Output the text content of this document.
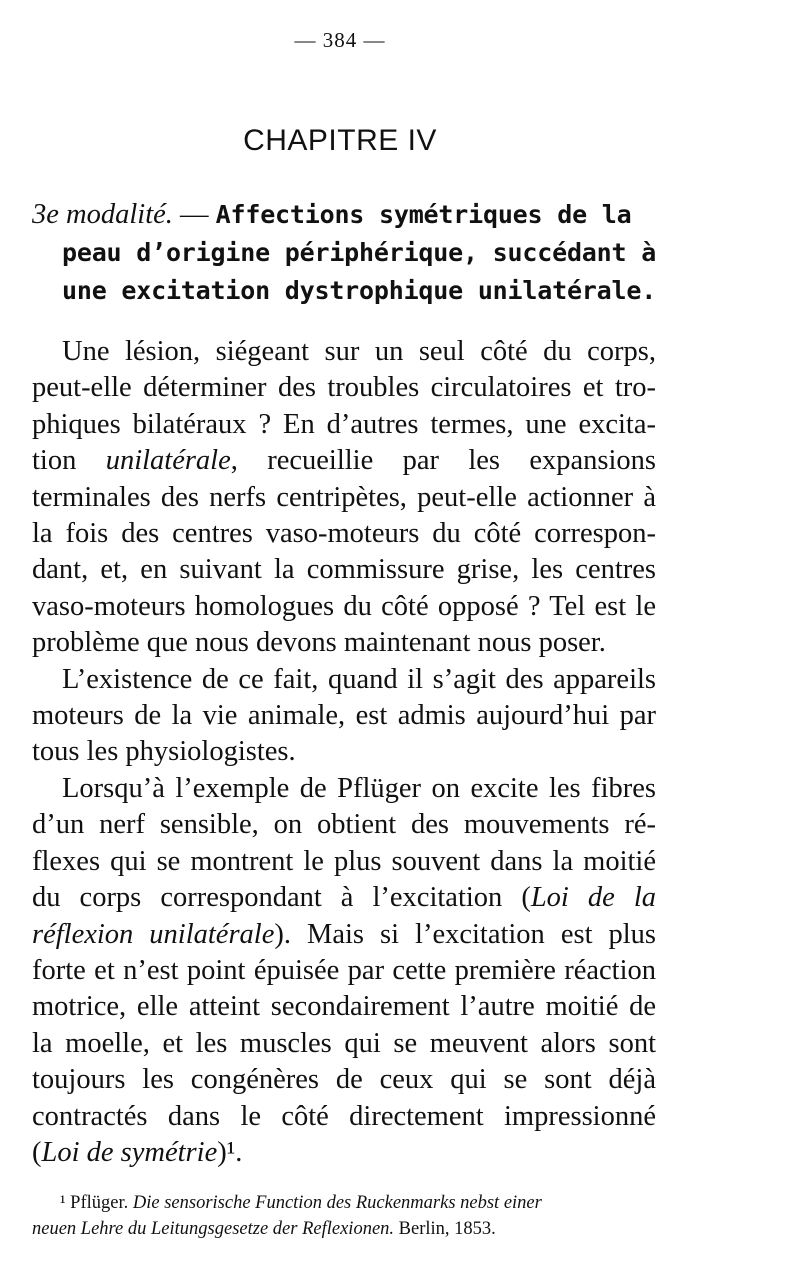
— 384 —
CHAPITRE IV
3e modalité. — Affections symétriques de la
peau d’origine périphérique, succédant à
une excitation dystrophique unilatérale.
Une lésion, siégeant sur un seul côté du corps,
peut-elle déterminer des troubles circulatoires et tro-
phiques bilatéraux ? En d’autres termes, une excita-
tion unilatérale, recueillie par les expansions
terminales des nerfs centripètes, peut-elle actionner à
la fois des centres vaso-moteurs du côté correspon-
dant, et, en suivant la commissure grise, les centres
vaso-moteurs homologues du côté opposé ? Tel est le
problème que nous devons maintenant nous poser.
L’existence de ce fait, quand il s’agit des appareils
moteurs de la vie animale, est admis aujourd’hui par
tous les physiologistes.
Lorsqu’à l’exemple de Pflüger on excite les fibres
d’un nerf sensible, on obtient des mouvements ré-
flexes qui se montrent le plus souvent dans la moitié
du corps correspondant à l’excitation (Loi de la
réflexion unilatérale). Mais si l’excitation est plus
forte et n’est point épuisée par cette première réaction
motrice, elle atteint secondairement l’autre moitié de
la moelle, et les muscles qui se meuvent alors sont
toujours les congénères de ceux qui se sont déjà
contractés dans le côté directement impressionné
(Loi de symétrie)¹.
¹ Pflüger. Die sensorische Function des Ruckenmarks nebst einer
neuen Lehre du Leitungsgesetze der Reflexionen. Berlin, 1853.
